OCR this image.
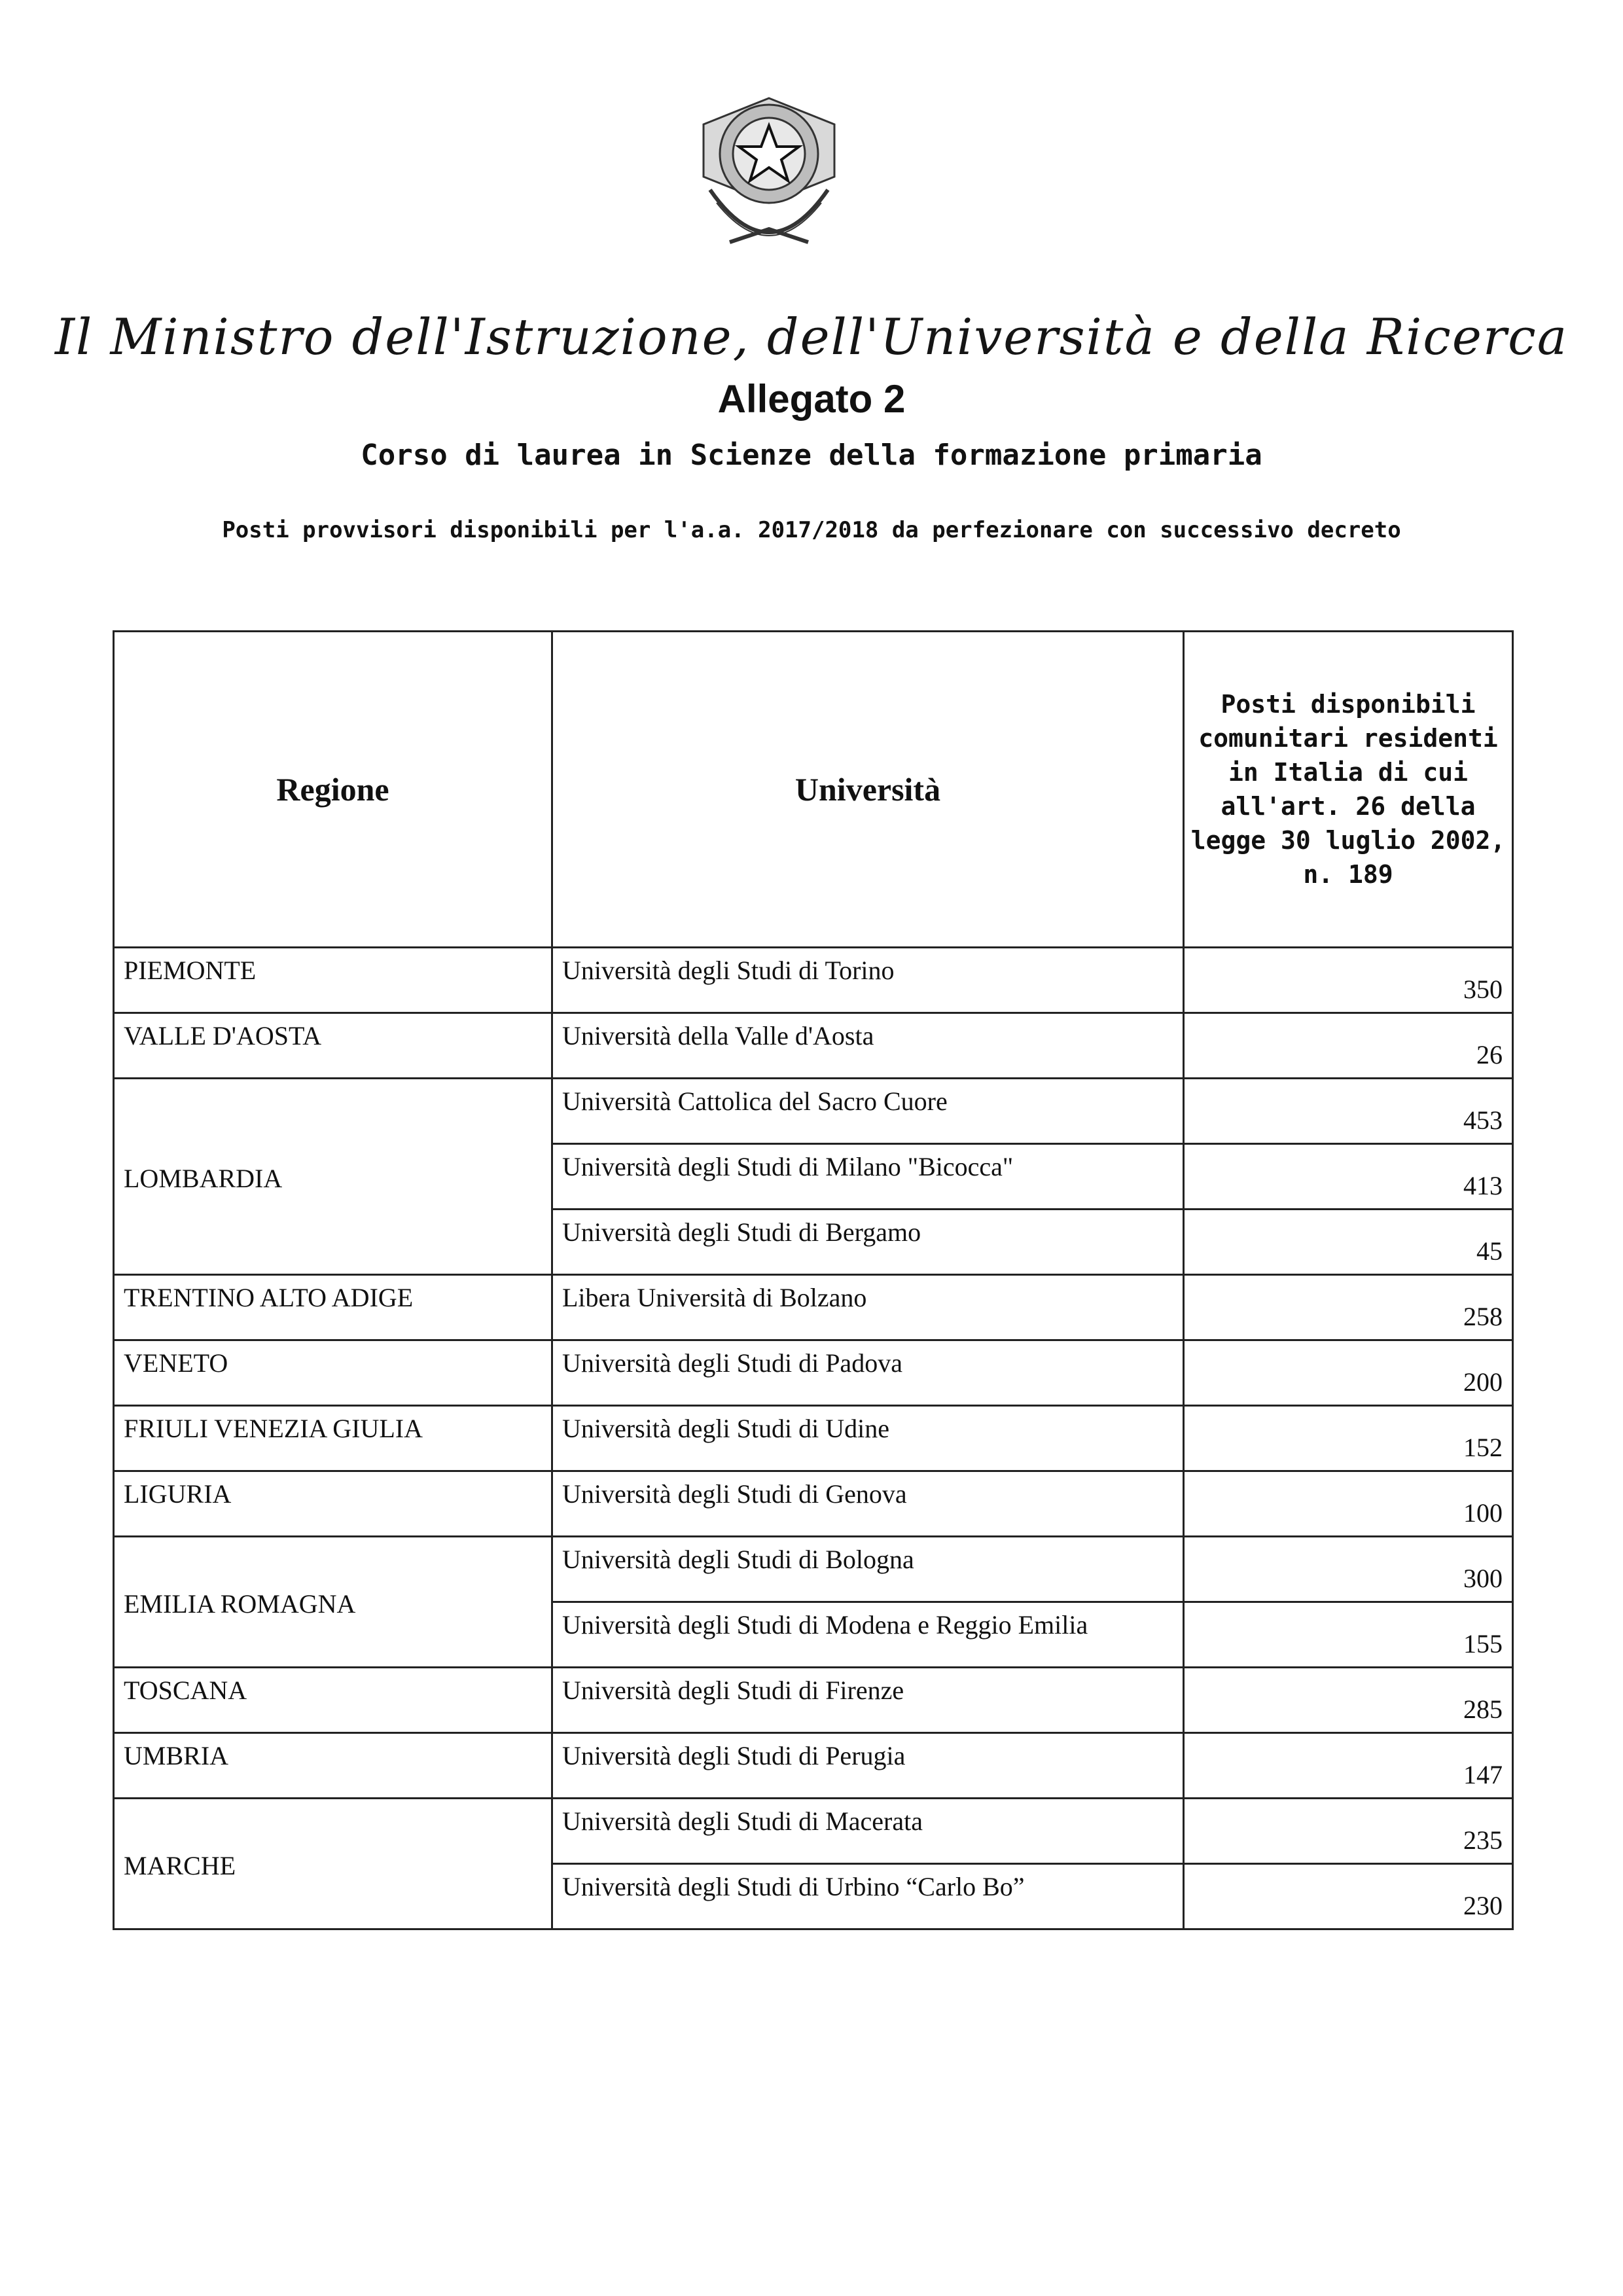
Il Ministro dell'Istruzione, dell'Università e della Ricerca
Allegato 2
Corso di laurea in Scienze della formazione primaria
Posti provvisori disponibili per l'a.a. 2017/2018 da perfezionare con successivo decreto
Regione	Università	Posti disponibili comunitari residenti in Italia di cui all'art. 26 della legge 30 luglio 2002, n. 189
PIEMONTE	Università degli Studi di Torino	350
VALLE D'AOSTA	Università della Valle d'Aosta	26
LOMBARDIA	Università Cattolica del Sacro Cuore	453
	Università degli Studi di Milano "Bicocca"	413
	Università degli Studi di Bergamo	45
TRENTINO ALTO ADIGE	Libera Università di Bolzano	258
VENETO	Università degli Studi di Padova	200
FRIULI VENEZIA GIULIA	Università degli Studi di Udine	152
LIGURIA	Università degli Studi di Genova	100
EMILIA ROMAGNA	Università degli Studi di Bologna	300
	Università degli Studi di Modena e Reggio Emilia	155
TOSCANA	Università degli Studi di Firenze	285
UMBRIA	Università degli Studi di Perugia	147
MARCHE	Università degli Studi di Macerata	235
	Università degli Studi di Urbino “Carlo Bo”	230
